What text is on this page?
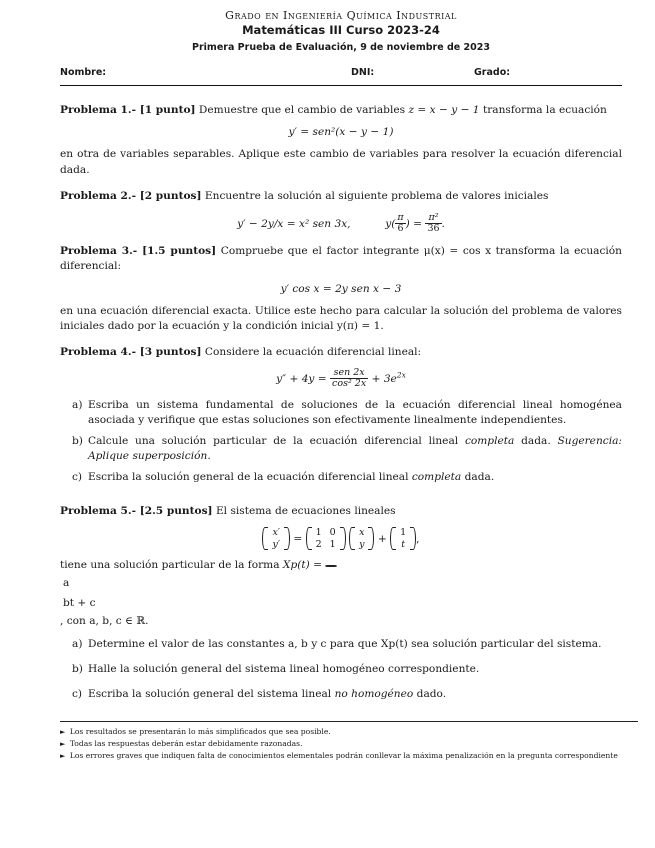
Grado en Ingeniería Química Industrial
Matemáticas III Curso 2023-24
Primera Prueba de Evaluación, 9 de noviembre de 2023
Nombre:	DNI:	Grado:

Problema 1.- [1 punto] Demuestre que el cambio de variables z = x − y − 1 transforma la ecuación

y′ = sen²(x − y − 1)

en otra de variables separables. Aplique este cambio de variables para resolver la ecuación diferencial dada.

Problema 2.- [2 puntos] Encuentre la solución al siguiente problema de valores iniciales

y′ − 2y/x = x² sen 3x,	$y( \frac{\pi}{6}$ ) = $\frac{\text{π²}}{36}$ .

Problema 3.- [1.5 puntos] Compruebe que el factor integrante μ(x) = cos x transforma la ecuación diferencial:

y′ cos x = 2y sen x − 3

en una ecuación diferencial exacta. Utilice este hecho para calcular la solución del problema de valores iniciales dado por la ecuación y la condición inicial y(π) = 1.

Problema 4.- [3 puntos] Considere la ecuación diferencial lineal:

$y'' + 4y = \frac{\text{sen 2x}}{\text{cos² 2x}} + 3e^{2x}$
a) Escriba un sistema fundamental de soluciones de la ecuación diferencial lineal homogénea asociada y verifique que estas soluciones son efectivamente linealmente independientes.
b) Calcule una solución particular de la ecuación diferencial lineal completa dada. Sugerencia: Aplique superposición.
c) Escriba la solución general de la ecuación diferencial lineal completa dada.

Problema 5.- [2.5 puntos] El sistema de ecuaciones lineales

x′
y′ =
1	0
2	1

x
y +
1
t ,

tiene una solución particular de la forma Xp(t) =

a
bt + c
, con a, b, c ∈ ℝ.

a) Determine el valor de las constantes a, b y c para que Xp(t) sea solución particular del sistema.
b) Halle la solución general del sistema lineal homogéneo correspondiente.
c) Escriba la solución general del sistema lineal no homogéneo dado.
► Los resultados se presentarán lo más simplificados que sea posible.
► Todas las respuestas deberán estar debidamente razonadas.
► Los errores graves que indiquen falta de conocimientos elementales podrán conllevar la máxima penalización en la pregunta correspondiente
